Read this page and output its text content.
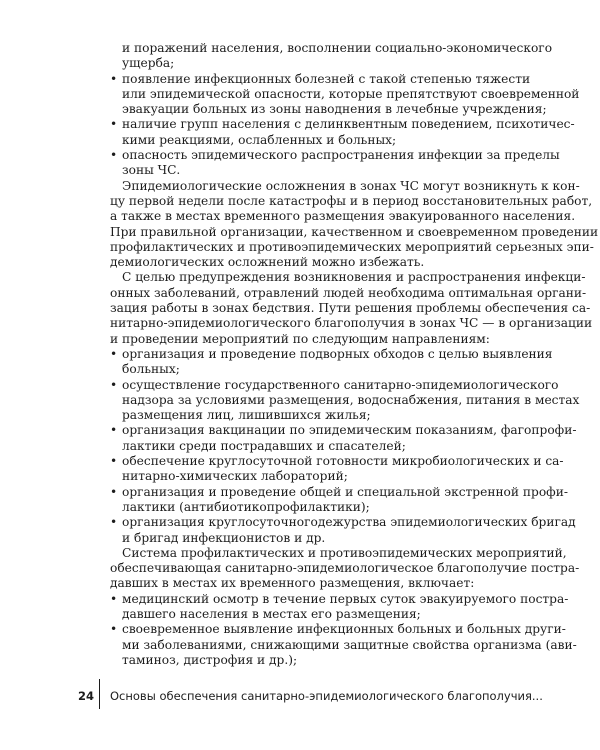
и поражений населения, восполнении социально-экономического
ущерба;
• появление инфекционных болезней с такой степенью тяжести
или эпидемической опасности, которые препятствуют своевременной
эвакуации больных из зоны наводнения в лечебные учреждения;
• наличие групп населения с делинквентным поведением, психотичес-
кими реакциями, ослабленных и больных;
• опасность эпидемического распространения инфекции за пределы
зоны ЧС.
Эпидемиологические осложнения в зонах ЧС могут возникнуть к кон-
цу первой недели после катастрофы и в период восстановительных работ,
а также в местах временного размещения эвакуированного населения.
При правильной организации, качественном и своевременном проведении
профилактических и противоэпидемических мероприятий серьезных эпи-
демиологических осложнений можно избежать.
С целью предупреждения возникновения и распространения инфекци-
онных заболеваний, отравлений людей необходима оптимальная органи-
зация работы в зонах бедствия. Пути решения проблемы обеспечения са-
нитарно-эпидемиологического благополучия в зонах ЧС — в организации
и проведении мероприятий по следующим направлениям:
• организация и проведение подворных обходов с целью выявления
больных;
• осуществление государственного санитарно-эпидемиологического
надзора за условиями размещения, водоснабжения, питания в местах
размещения лиц, лишившихся жилья;
• организация вакцинации по эпидемическим показаниям, фагопрофи-
лактики среди пострадавших и спасателей;
• обеспечение круглосуточной готовности микробиологических и са-
нитарно-химических лабораторий;
• организация и проведение общей и специальной экстренной профи-
лактики (антибиотикопрофилактики);
• организация круглосуточногодежурства эпидемиологических бригад
и бригад инфекционистов и др.
Система профилактических и противоэпидемических мероприятий,
обеспечивающая санитарно-эпидемиологическое благополучие постра-
давших в местах их временного размещения, включает:
• медицинский осмотр в течение первых суток эвакуируемого постра-
давшего населения в местах его размещения;
• своевременное выявление инфекционных больных и больных други-
ми заболеваниями, снижающими защитные свойства организма (ави-
таминоз, дистрофия и др.);
24 Основы обеспечения санитарно-эпидемиологического благополучия...
